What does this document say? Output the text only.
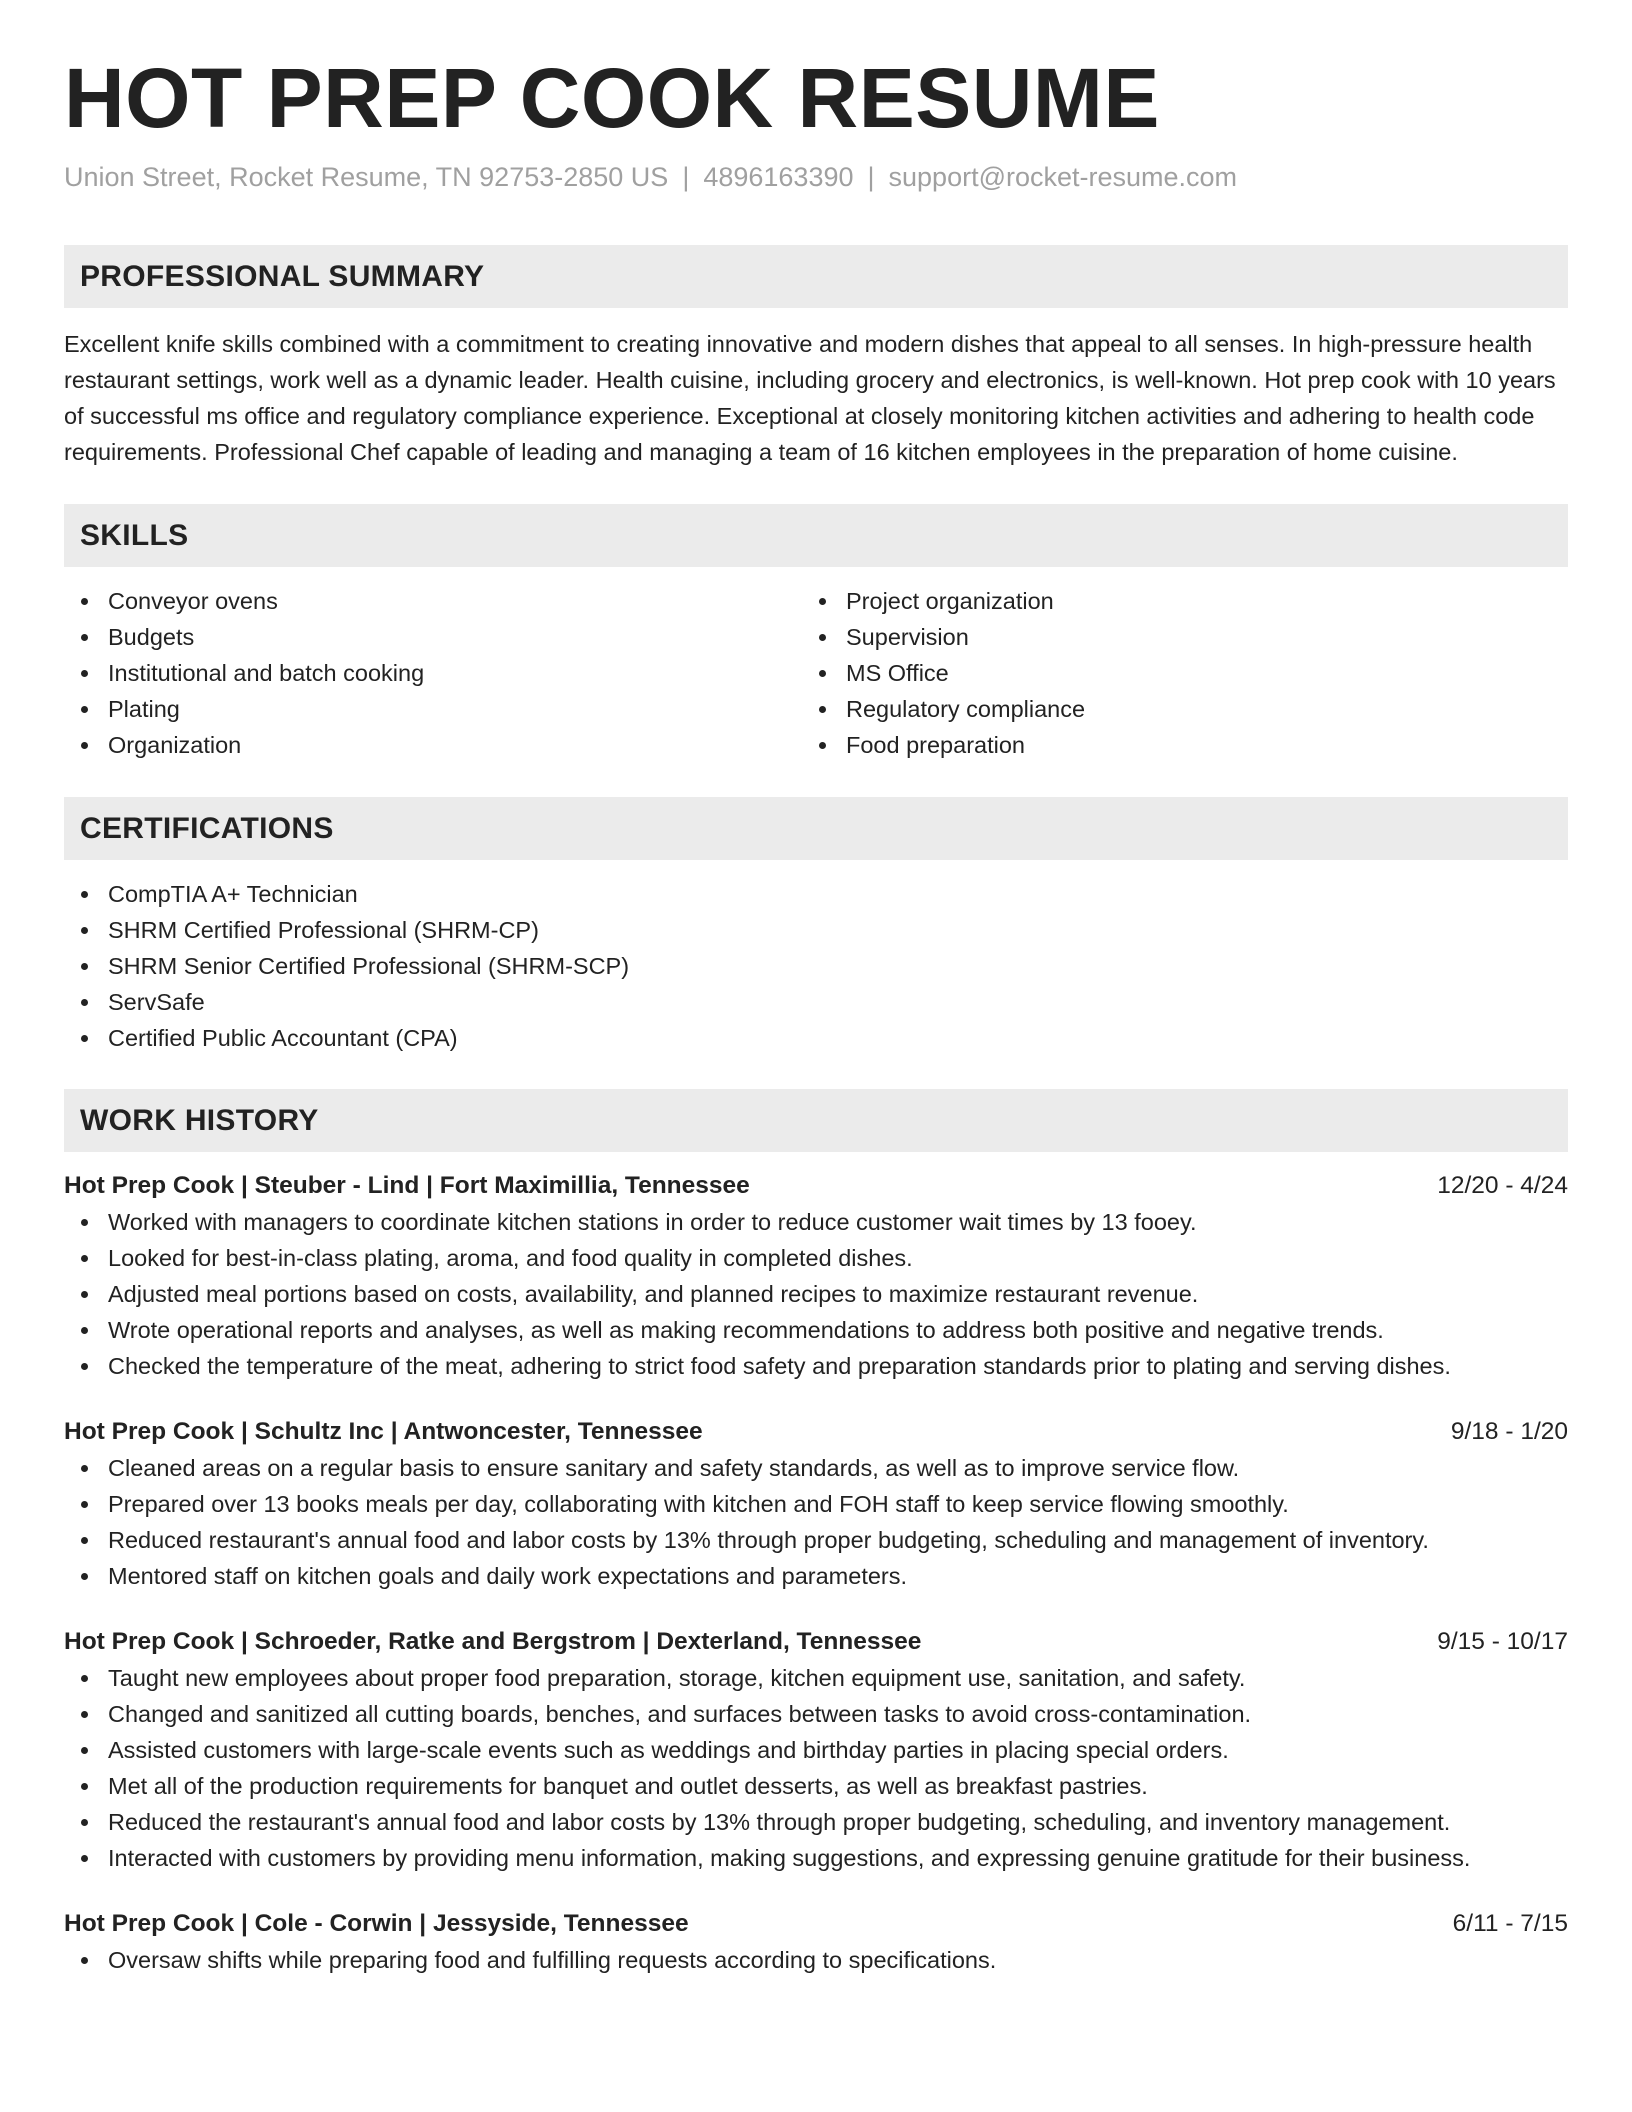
HOT PREP COOK RESUME
Union Street, Rocket Resume, TN 92753-2850 US | 4896163390 | support@rocket-resume.com
PROFESSIONAL SUMMARY

Excellent knife skills combined with a commitment to creating innovative and modern dishes that appeal to all senses. In high-pressure health restaurant settings, work well as a dynamic leader. Health cuisine, including grocery and electronics, is well-known. Hot prep cook with 10 years of successful ms office and regulatory compliance experience. Exceptional at closely monitoring kitchen activities and adhering to health code requirements. Professional Chef capable of leading and managing a team of 16 kitchen employees in the preparation of home cuisine.

SKILLS
Conveyor ovens
Budgets
Institutional and batch cooking
Plating
Organization
Project organization
Supervision
MS Office
Regulatory compliance
Food preparation
CERTIFICATIONS
CompTIA A+ Technician
SHRM Certified Professional (SHRM-CP)
SHRM Senior Certified Professional (SHRM-SCP)
ServSafe
Certified Public Accountant (CPA)
WORK HISTORY
Hot Prep Cook | Steuber - Lind | Fort Maximillia, Tennessee	12/20 - 4/24
Worked with managers to coordinate kitchen stations in order to reduce customer wait times by 13 fooey.
Looked for best-in-class plating, aroma, and food quality in completed dishes.
Adjusted meal portions based on costs, availability, and planned recipes to maximize restaurant revenue.
Wrote operational reports and analyses, as well as making recommendations to address both positive and negative trends.
Checked the temperature of the meat, adhering to strict food safety and preparation standards prior to plating and serving dishes.
Hot Prep Cook | Schultz Inc | Antwoncester, Tennessee	9/18 - 1/20
Cleaned areas on a regular basis to ensure sanitary and safety standards, as well as to improve service flow.
Prepared over 13 books meals per day, collaborating with kitchen and FOH staff to keep service flowing smoothly.
Reduced restaurant's annual food and labor costs by 13% through proper budgeting, scheduling and management of inventory.
Mentored staff on kitchen goals and daily work expectations and parameters.
Hot Prep Cook | Schroeder, Ratke and Bergstrom | Dexterland, Tennessee	9/15 - 10/17
Taught new employees about proper food preparation, storage, kitchen equipment use, sanitation, and safety.
Changed and sanitized all cutting boards, benches, and surfaces between tasks to avoid cross-contamination.
Assisted customers with large-scale events such as weddings and birthday parties in placing special orders.
Met all of the production requirements for banquet and outlet desserts, as well as breakfast pastries.
Reduced the restaurant's annual food and labor costs by 13% through proper budgeting, scheduling, and inventory management.
Interacted with customers by providing menu information, making suggestions, and expressing genuine gratitude for their business.
Hot Prep Cook | Cole - Corwin | Jessyside, Tennessee	6/11 - 7/15
Oversaw shifts while preparing food and fulfilling requests according to specifications.
